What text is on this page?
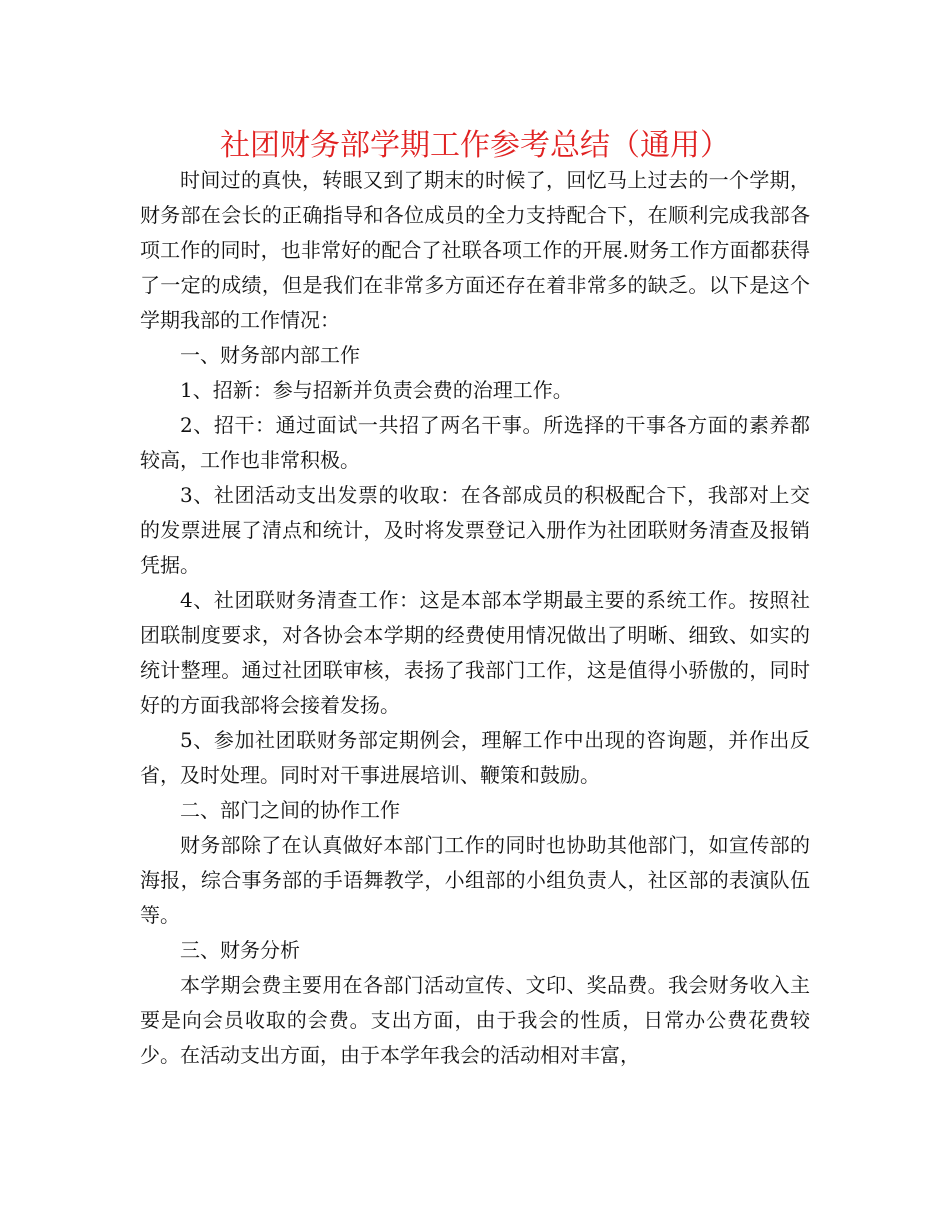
社团财务部学期工作参考总结（通用）

时间过的真快，转眼又到了期末的时候了，回忆马上过去的一个学期，财务部在会长的正确指导和各位成员的全力支持配合下，在顺利完成我部各项工作的同时，也非常好的配合了社联各项工作的开展.财务工作方面都获得了一定的成绩，但是我们在非常多方面还存在着非常多的缺乏。以下是这个学期我部的工作情况：

一、财务部内部工作

1、招新：参与招新并负责会费的治理工作。

2、招干：通过面试一共招了两名干事。所选择的干事各方面的素养都较高，工作也非常积极。

3、社团活动支出发票的收取：在各部成员的积极配合下，我部对上交的发票进展了清点和统计，及时将发票登记入册作为社团联财务清查及报销凭据。

4、社团联财务清查工作：这是本部本学期最主要的系统工作。按照社团联制度要求，对各协会本学期的经费使用情况做出了明晰、细致、如实的统计整理。通过社团联审核，表扬了我部门工作，这是值得小骄傲的，同时好的方面我部将会接着发扬。

5、参加社团联财务部定期例会，理解工作中出现的咨询题，并作出反省，及时处理。同时对干事进展培训、鞭策和鼓励。

二、部门之间的协作工作

财务部除了在认真做好本部门工作的同时也协助其他部门，如宣传部的海报，综合事务部的手语舞教学，小组部的小组负责人，社区部的表演队伍等。

三、财务分析

本学期会费主要用在各部门活动宣传、文印、奖品费。我会财务收入主要是向会员收取的会费。支出方面，由于我会的性质，日常办公费花费较少。在活动支出方面，由于本学年我会的活动相对丰富，
